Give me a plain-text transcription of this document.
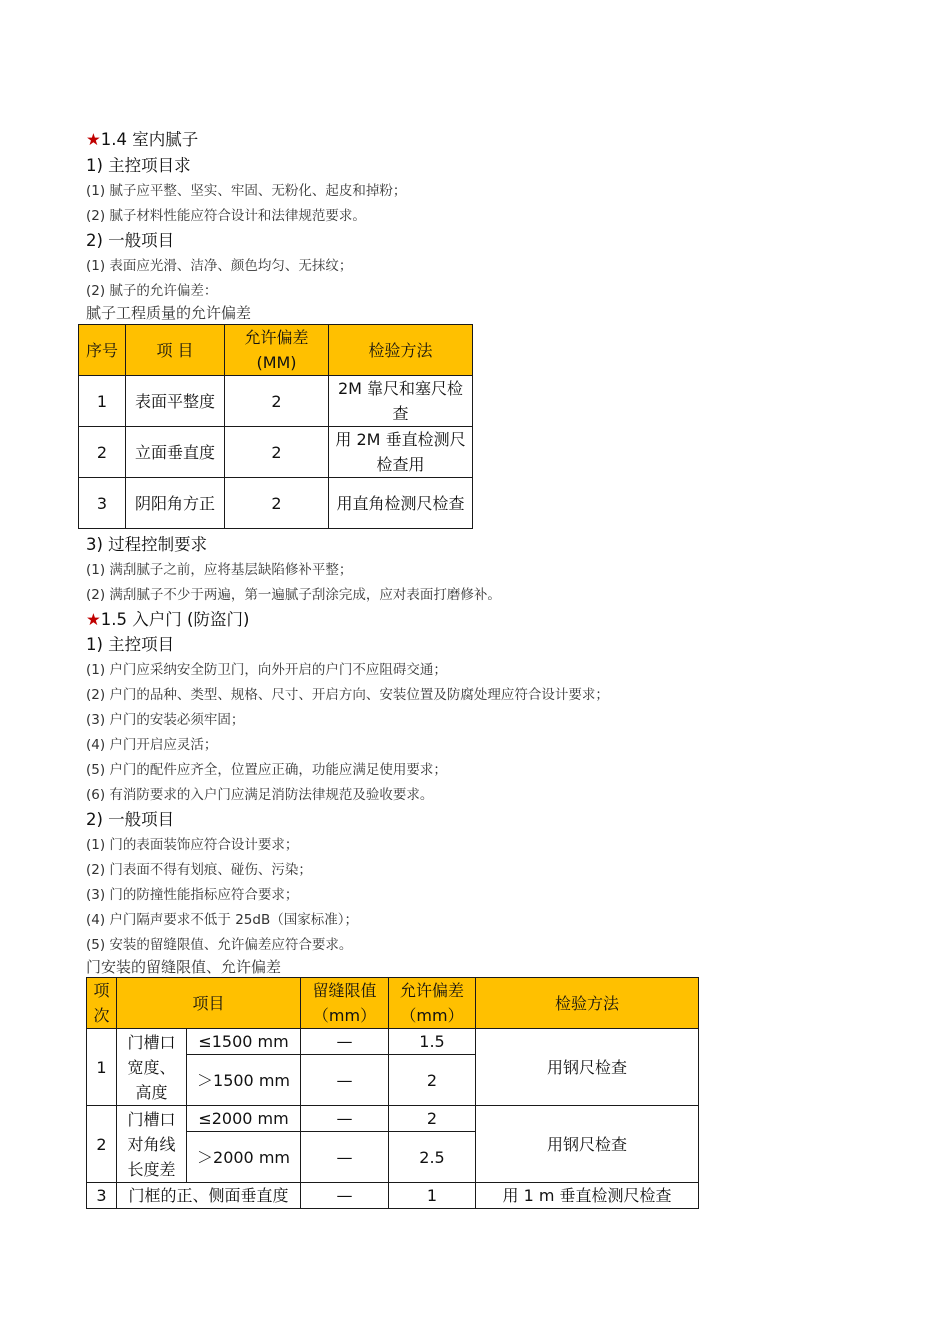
★1.4 室内腻子
1) 主控项目求
(1) 腻子应平整、坚实、牢固、无粉化、起皮和掉粉；
(2) 腻子材料性能应符合设计和法律规范要求。
2) 一般项目
(1) 表面应光滑、洁净、颜色均匀、无抹纹；
(2) 腻子的允许偏差：
腻子工程质量的允许偏差
序号	项 目	允许偏差(MM)	检验方法
1	表面平整度	2	2M 靠尺和塞尺检查
2	立面垂直度	2	用 2M 垂直检测尺检查用
3	阴阳角方正	2	用直角检测尺检查
3) 过程控制要求
(1) 满刮腻子之前，应将基层缺陷修补平整；
(2) 满刮腻子不少于两遍，第一遍腻子刮涂完成，应对表面打磨修补。
★1.5 入户门 (防盗门)
1) 主控项目
(1) 户门应采纳安全防卫门，向外开启的户门不应阻碍交通；
(2) 户门的品种、类型、规格、尺寸、开启方向、安装位置及防腐处理应符合设计要求；
(3) 户门的安装必须牢固；
(4) 户门开启应灵活；
(5) 户门的配件应齐全，位置应正确，功能应满足使用要求；
(6) 有消防要求的入户门应满足消防法律规范及验收要求。
2) 一般项目
(1) 门的表面装饰应符合设计要求；
(2) 门表面不得有划痕、碰伤、污染；
(3) 门的防撞性能指标应符合要求；
(4) 户门隔声要求不低于 25dB（国家标准）；
(5) 安装的留缝限值、允许偏差应符合要求。
门安装的留缝限值、允许偏差
项次	项目		留缝限值（mm）	允许偏差（mm）	检验方法
1	门槽口宽度、高度	≤1500 mm	—	1.5	用钢尺检查
		＞1500 mm	—	2	
2	门槽口对角线长度差	≤2000 mm	—	2	用钢尺检查
		＞2000 mm	—	2.5	
3	门框的正、侧面垂直度		—	1	用 1 m 垂直检测尺检查
